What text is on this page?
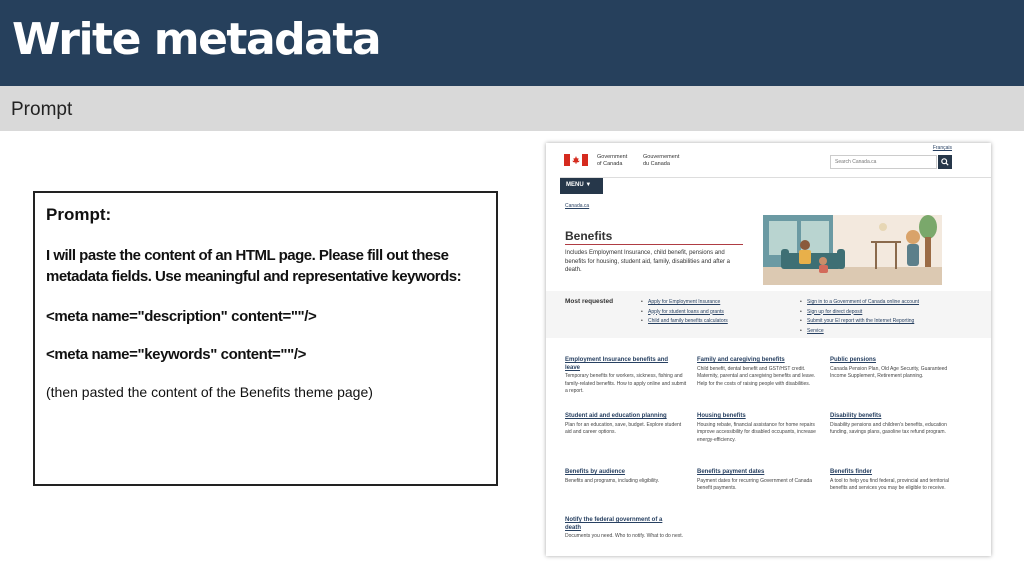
Write metadata
Prompt
Prompt:
I will paste the content of an HTML page. Please fill out these metadata fields. Use meaningful and representative keywords:
<meta name="description" content=""/>
<meta name="keywords" content=""/>
(then pasted the content of the Benefits theme page)
Français
Government
of Canada
Gouvernement
du Canada	Search Canada.ca
MENU ▼
Canada.ca
Benefits
Includes Employment Insurance, child benefit, pensions and benefits for housing, student aid, family, disabilities and after a death.
Most requested
•	Apply for Employment Insurance
• Apply for student loans and grants
• Child and family benefits calculators
• Sign in to a Government of Canada online account
• Sign up for direct deposit
• Submit your EI report with the Internet Reporting
• Service
Employment Insurance benefits and
leave
Temporary benefits for workers, sickness, fishing and family-related benefits. How to apply online and submit a report.
Family and caregiving benefits
Child benefit, dental benefit and GST/HST credit. Maternity, parental and caregiving benefits and leave. Help for the costs of raising people with disabilities.
Public pensions
Canada Pension Plan, Old Age Security, Guaranteed Income Supplement, Retirement planning.
Student aid and education planning
Plan for an education, save, budget. Explore student aid and career options.
Housing benefits
Housing rebate, financial assistance for home repairs improve accessibility for disabled occupants, increase energy-efficiency.
Disability benefits
Disability pensions and children's benefits, education funding, savings plans, gasoline tax refund program.
Benefits by audience
Benefits and programs, including eligibility.
Benefits payment dates
Payment dates for recurring Government of Canada benefit payments.
Benefits finder
A tool to help you find federal, provincial and territorial benefits and services you may be eligible to receive.
Notify the federal government of a
death
Documents you need. Who to notify. What to do next.
